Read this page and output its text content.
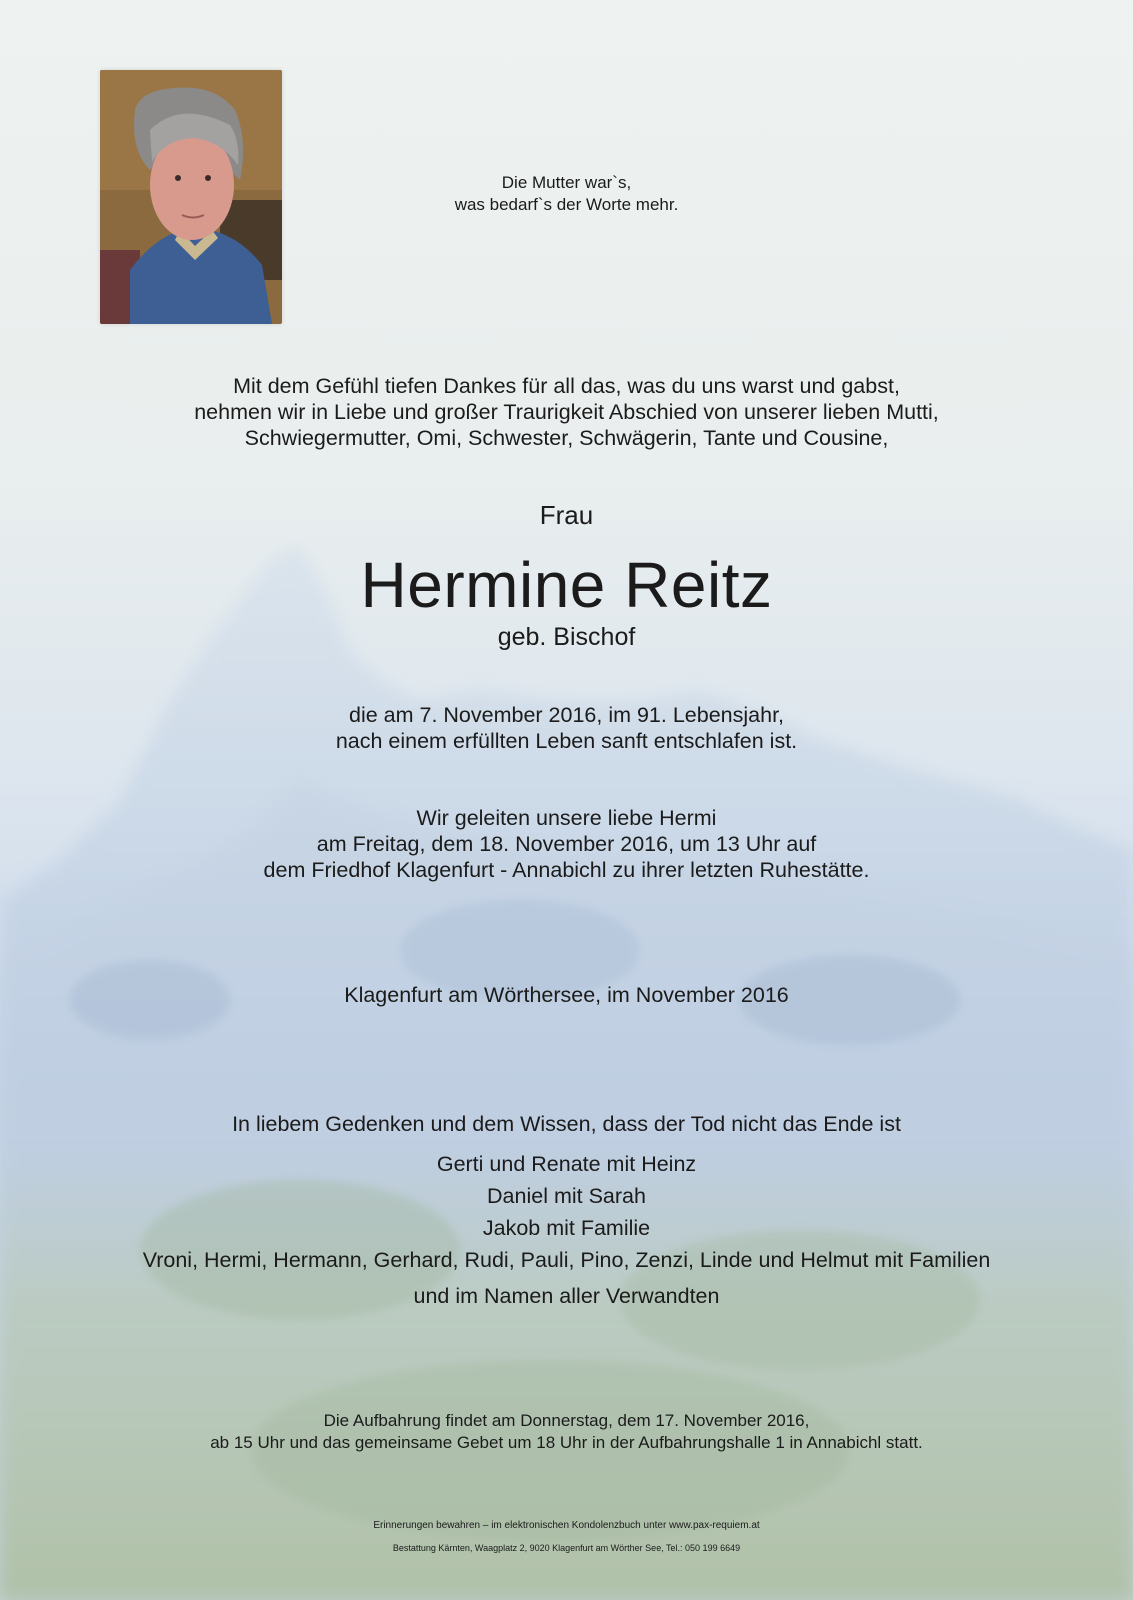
Die Mutter war`s,
was bedarf`s der Worte mehr.

Mit dem Gefühl tiefen Dankes für all das, was du uns warst und gabst,
nehmen wir in Liebe und großer Traurigkeit Abschied von unserer lieben Mutti,
Schwiegermutter, Omi, Schwester, Schwägerin, Tante und Cousine,

Frau

Hermine Reitz

geb. Bischof

die am 7. November 2016, im 91. Lebensjahr,
nach einem erfüllten Leben sanft entschlafen ist.

Wir geleiten unsere liebe Hermi
am Freitag, dem 18. November 2016, um 13 Uhr auf
dem Friedhof Klagenfurt - Annabichl zu ihrer letzten Ruhestätte.

Klagenfurt am Wörthersee, im November 2016

In liebem Gedenken und dem Wissen, dass der Tod nicht das Ende ist

Gerti und Renate mit Heinz
Daniel mit Sarah
Jakob mit Familie
Vroni, Hermi, Hermann, Gerhard, Rudi, Pauli, Pino, Zenzi, Linde und Helmut mit Familien

und im Namen aller Verwandten

Die Aufbahrung findet am Donnerstag, dem 17. November 2016,
ab 15 Uhr und das gemeinsame Gebet um 18 Uhr in der Aufbahrungshalle 1 in Annabichl statt.

Erinnerungen bewahren – im elektronischen Kondolenzbuch unter www.pax-requiem.at

Bestattung Kärnten, Waagplatz 2, 9020 Klagenfurt am Wörther See, Tel.: 050 199 6649
